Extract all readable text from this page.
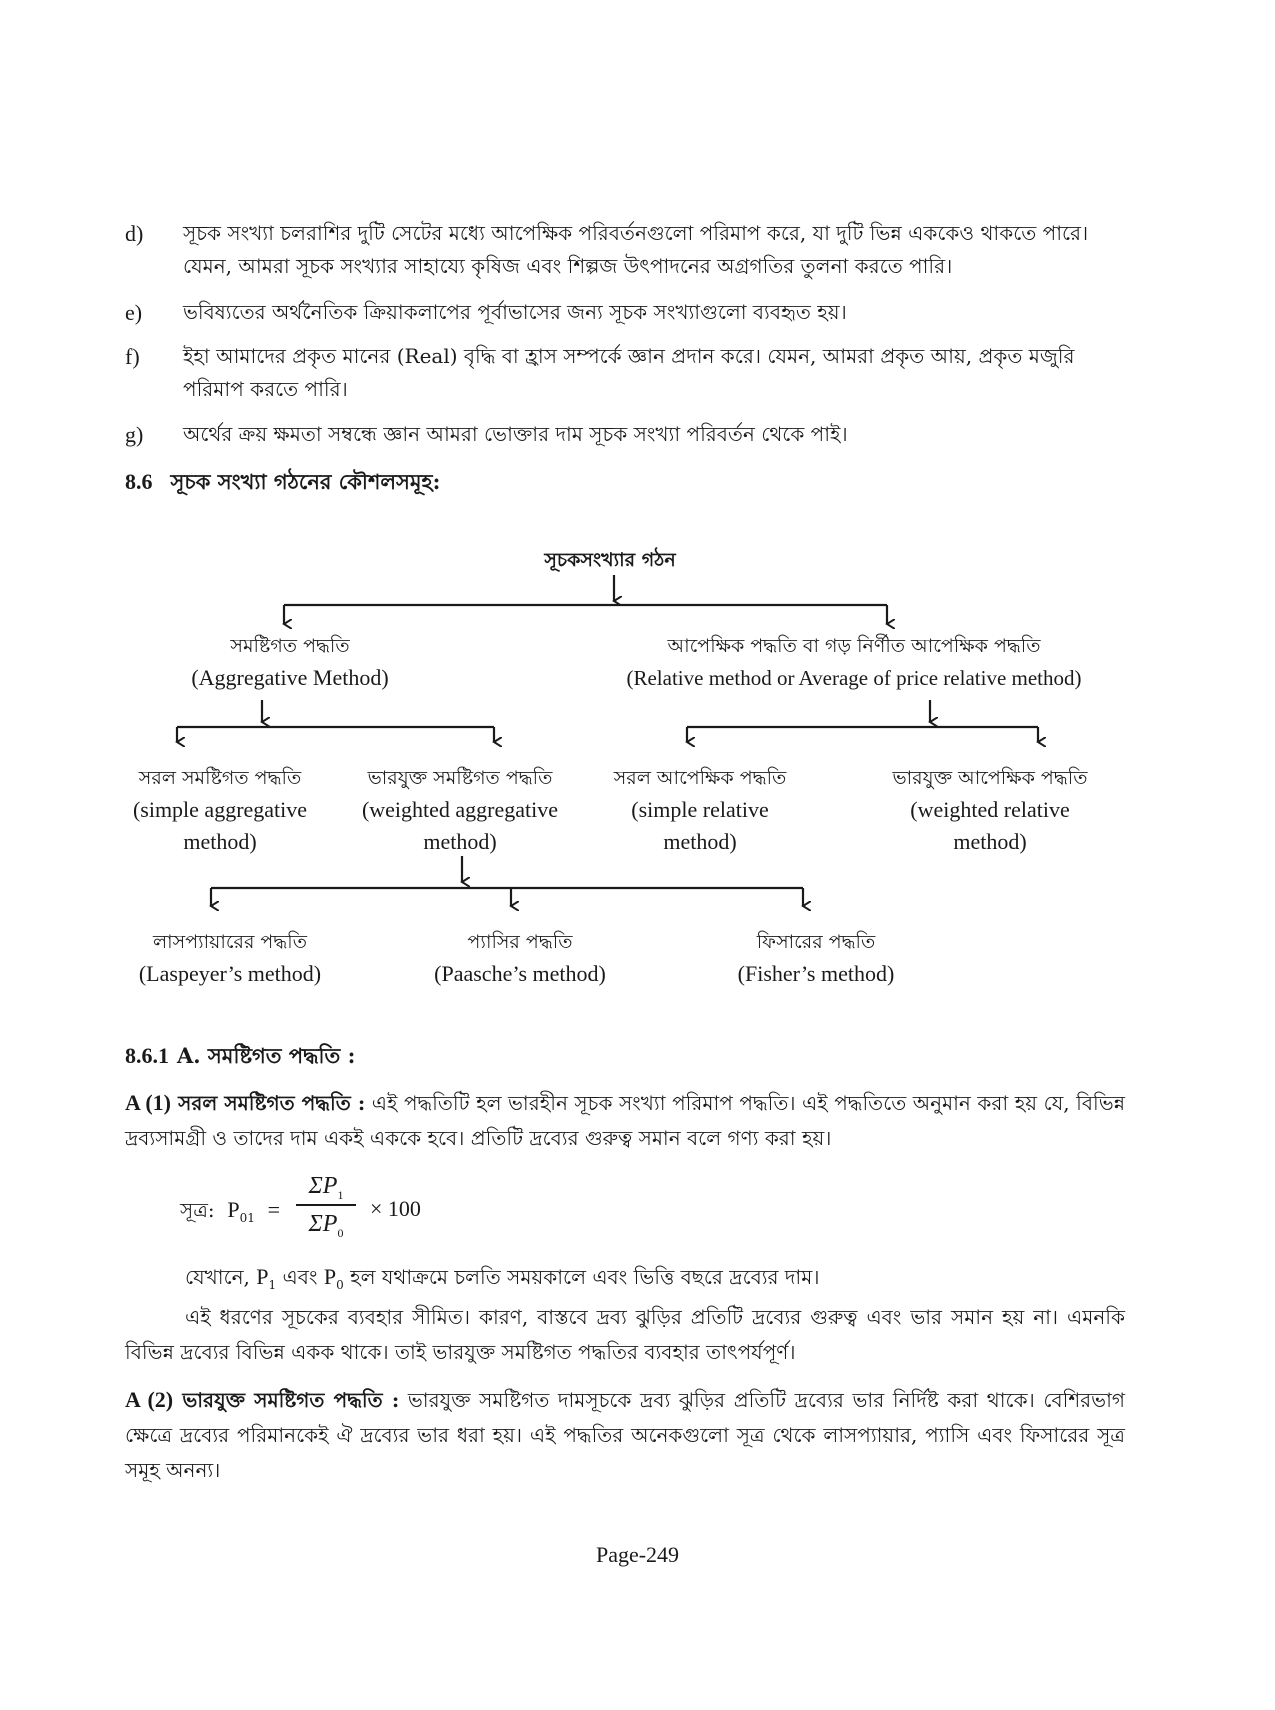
d) সূচক সংখ্যা চলরাশির দুটি সেটের মধ্যে আপেক্ষিক পরিবর্তনগুলো পরিমাপ করে, যা দুটি ভিন্ন এককেও থাকতে পারে। যেমন, আমরা সূচক সংখ্যার সাহায্যে কৃষিজ এবং শিল্পজ উৎপাদনের অগ্রগতির তুলনা করতে পারি।
e) ভবিষ্যতের অর্থনৈতিক ক্রিয়াকলাপের পূর্বাভাসের জন্য সূচক সংখ্যাগুলো ব্যবহৃত হয়।
f) ইহা আমাদের প্রকৃত মানের (Real) বৃদ্ধি বা হ্রাস সম্পর্কে জ্ঞান প্রদান করে। যেমন, আমরা প্রকৃত আয়, প্রকৃত মজুরি পরিমাপ করতে পারি।
g) অর্থের ক্রয় ক্ষমতা সম্বন্ধে জ্ঞান আমরা ভোক্তার দাম সূচক সংখ্যা পরিবর্তন থেকে পাই।
8.6 সূচক সংখ্যা গঠনের কৌশলসমূহ:
সূচকসংখ্যার গঠন
সমষ্টিগত পদ্ধতি
(Aggregative Method)
আপেক্ষিক পদ্ধতি বা গড় নির্ণীত আপেক্ষিক পদ্ধতি
(Relative method or Average of price relative method)
সরল সমষ্টিগত পদ্ধতি
(simple aggregative
method)
ভারযুক্ত সমষ্টিগত পদ্ধতি
(weighted aggregative
method)
সরল আপেক্ষিক পদ্ধতি
(simple relative
method)
ভারযুক্ত আপেক্ষিক পদ্ধতি
(weighted relative
method)
লাসপ্যায়ারের পদ্ধতি
(Laspeyer’s method)
প্যাসির পদ্ধতি
(Paasche’s method)
ফিসারের পদ্ধতি
(Fisher’s method)
8.6.1 A. সমষ্টিগত পদ্ধতি :
A (1) সরল সমষ্টিগত পদ্ধতি : এই পদ্ধতিটি হল ভারহীন সূচক সংখ্যা পরিমাপ পদ্ধতি। এই পদ্ধতিতে অনুমান করা হয় যে, বিভিন্ন দ্রব্যসামগ্রী ও তাদের দাম একই এককে হবে। প্রতিটি দ্রব্যের গুরুত্ব সমান বলে গণ্য করা হয়।
সূত্র: $P_{01}$ =
$\Sigma P_1$
$\Sigma P_0$
× 100
যেখানে, $P_1$ এবং $P_0$ হল যথাক্রমে চলতি সময়কালে এবং ভিত্তি বছরে দ্রব্যের দাম।
এই ধরণের সূচকের ব্যবহার সীমিত। কারণ, বাস্তবে দ্রব্য ঝুড়ির প্রতিটি দ্রব্যের গুরুত্ব এবং ভার সমান হয় না। এমনকি বিভিন্ন দ্রব্যের বিভিন্ন একক থাকে। তাই ভারযুক্ত সমষ্টিগত পদ্ধতির ব্যবহার তাৎপর্যপূর্ণ।
A (2) ভারযুক্ত সমষ্টিগত পদ্ধতি : ভারযুক্ত সমষ্টিগত দামসূচকে দ্রব্য ঝুড়ির প্রতিটি দ্রব্যের ভার নির্দিষ্ট করা থাকে। বেশিরভাগ ক্ষেত্রে দ্রব্যের পরিমানকেই ঐ দ্রব্যের ভার ধরা হয়। এই পদ্ধতির অনেকগুলো সূত্র থেকে লাসপ্যায়ার, প্যাসি এবং ফিসারের সূত্র সমূহ অনন্য।
Page-249
